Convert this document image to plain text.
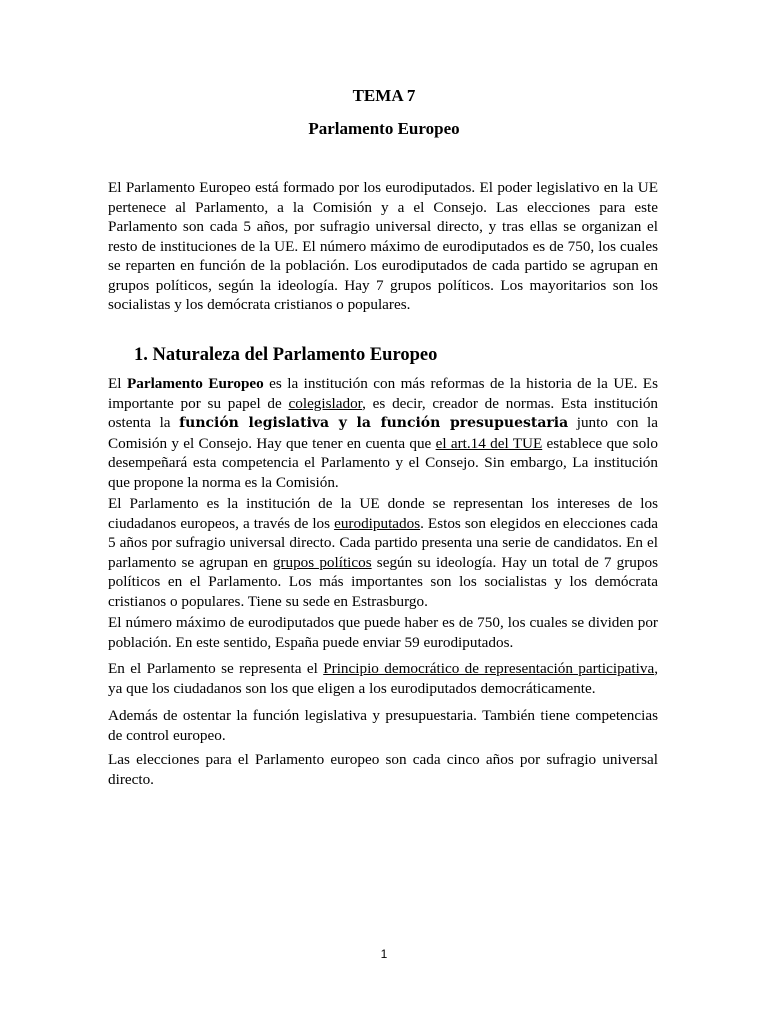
TEMA 7
Parlamento Europeo

El Parlamento Europeo está formado por los eurodiputados. El poder legislativo en la UE pertenece al Parlamento, a la Comisión y a el Consejo. Las elecciones para este Parlamento son cada 5 años, por sufragio universal directo, y tras ellas se organizan el resto de instituciones de la UE. El número máximo de eurodiputados es de 750, los cuales se reparten en función de la población. Los eurodiputados de cada partido se agrupan en grupos políticos, según la ideología. Hay 7 grupos políticos. Los mayoritarios son los socialistas y los demócrata cristianos o populares.

1. Naturaleza del Parlamento Europeo

El Parlamento Europeo es la institución con más reformas de la historia de la UE. Es importante por su papel de colegislador, es decir, creador de normas. Esta institución ostenta la función legislativa y la función presupuestaria junto con la Comisión y el Consejo. Hay que tener en cuenta que el art.14 del TUE establece que solo desempeñará esta competencia el Parlamento y el Consejo. Sin embargo, La institución que propone la norma es la Comisión.

El Parlamento es la institución de la UE donde se representan los intereses de los ciudadanos europeos, a través de los eurodiputados. Estos son elegidos en elecciones cada 5 años por sufragio universal directo. Cada partido presenta una serie de candidatos. En el parlamento se agrupan en grupos políticos según su ideología. Hay un total de 7 grupos políticos en el Parlamento. Los más importantes son los socialistas y los demócrata cristianos o populares. Tiene su sede en Estrasburgo.

El número máximo de eurodiputados que puede haber es de 750, los cuales se dividen por población. En este sentido, España puede enviar 59 eurodiputados.

En el Parlamento se representa el Principio democrático de representación participativa, ya que los ciudadanos son los que eligen a los eurodiputados democráticamente.

Además de ostentar la función legislativa y presupuestaria. También tiene competencias de control europeo.

Las elecciones para el Parlamento europeo son cada cinco años por sufragio universal directo.

1
